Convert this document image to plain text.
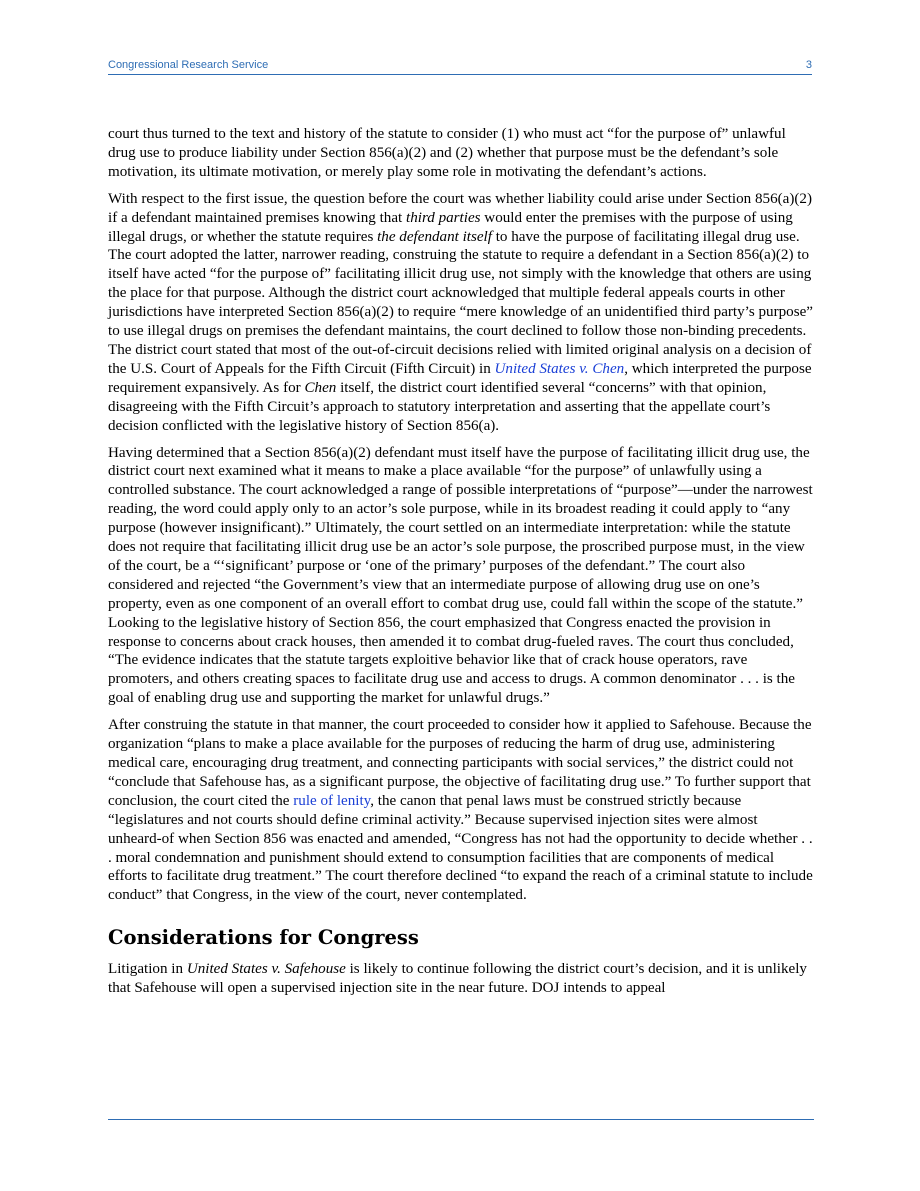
Congressional Research Service	3

court thus turned to the text and history of the statute to consider (1) who must act “for the purpose of” unlawful drug use to produce liability under Section 856(a)(2) and (2) whether that purpose must be the defendant’s sole motivation, its ultimate motivation, or merely play some role in motivating the defendant’s actions.

With respect to the first issue, the question before the court was whether liability could arise under Section 856(a)(2) if a defendant maintained premises knowing that third parties would enter the premises with the purpose of using illegal drugs, or whether the statute requires the defendant itself to have the purpose of facilitating illegal drug use. The court adopted the latter, narrower reading, construing the statute to require a defendant in a Section 856(a)(2) to itself have acted “for the purpose of” facilitating illicit drug use, not simply with the knowledge that others are using the place for that purpose. Although the district court acknowledged that multiple federal appeals courts in other jurisdictions have interpreted Section 856(a)(2) to require “mere knowledge of an unidentified third party’s purpose” to use illegal drugs on premises the defendant maintains, the court declined to follow those non-binding precedents. The district court stated that most of the out-of-circuit decisions relied with limited original analysis on a decision of the U.S. Court of Appeals for the Fifth Circuit (Fifth Circuit) in United States v. Chen, which interpreted the purpose requirement expansively. As for Chen itself, the district court identified several “concerns” with that opinion, disagreeing with the Fifth Circuit’s approach to statutory interpretation and asserting that the appellate court’s decision conflicted with the legislative history of Section 856(a).

Having determined that a Section 856(a)(2) defendant must itself have the purpose of facilitating illicit drug use, the district court next examined what it means to make a place available “for the purpose” of unlawfully using a controlled substance. The court acknowledged a range of possible interpretations of “purpose”—under the narrowest reading, the word could apply only to an actor’s sole purpose, while in its broadest reading it could apply to “any purpose (however insignificant).” Ultimately, the court settled on an intermediate interpretation: while the statute does not require that facilitating illicit drug use be an actor’s sole purpose, the proscribed purpose must, in the view of the court, be a “‘significant’ purpose or ‘one of the primary’ purposes of the defendant.” The court also considered and rejected “the Government’s view that an intermediate purpose of allowing drug use on one’s property, even as one component of an overall effort to combat drug use, could fall within the scope of the statute.” Looking to the legislative history of Section 856, the court emphasized that Congress enacted the provision in response to concerns about crack houses, then amended it to combat drug-fueled raves. The court thus concluded, “The evidence indicates that the statute targets exploitive behavior like that of crack house operators, rave promoters, and others creating spaces to facilitate drug use and access to drugs. A common denominator . . . is the goal of enabling drug use and supporting the market for unlawful drugs.”

After construing the statute in that manner, the court proceeded to consider how it applied to Safehouse. Because the organization “plans to make a place available for the purposes of reducing the harm of drug use, administering medical care, encouraging drug treatment, and connecting participants with social services,” the district could not “conclude that Safehouse has, as a significant purpose, the objective of facilitating drug use.” To further support that conclusion, the court cited the rule of lenity, the canon that penal laws must be construed strictly because “legislatures and not courts should define criminal activity.” Because supervised injection sites were almost unheard-of when Section 856 was enacted and amended, “Congress has not had the opportunity to decide whether . . . moral condemnation and punishment should extend to consumption facilities that are components of medical efforts to facilitate drug treatment.” The court therefore declined “to expand the reach of a criminal statute to include conduct” that Congress, in the view of the court, never contemplated.

Considerations for Congress

Litigation in United States v. Safehouse is likely to continue following the district court’s decision, and it is unlikely that Safehouse will open a supervised injection site in the near future. DOJ intends to appeal
